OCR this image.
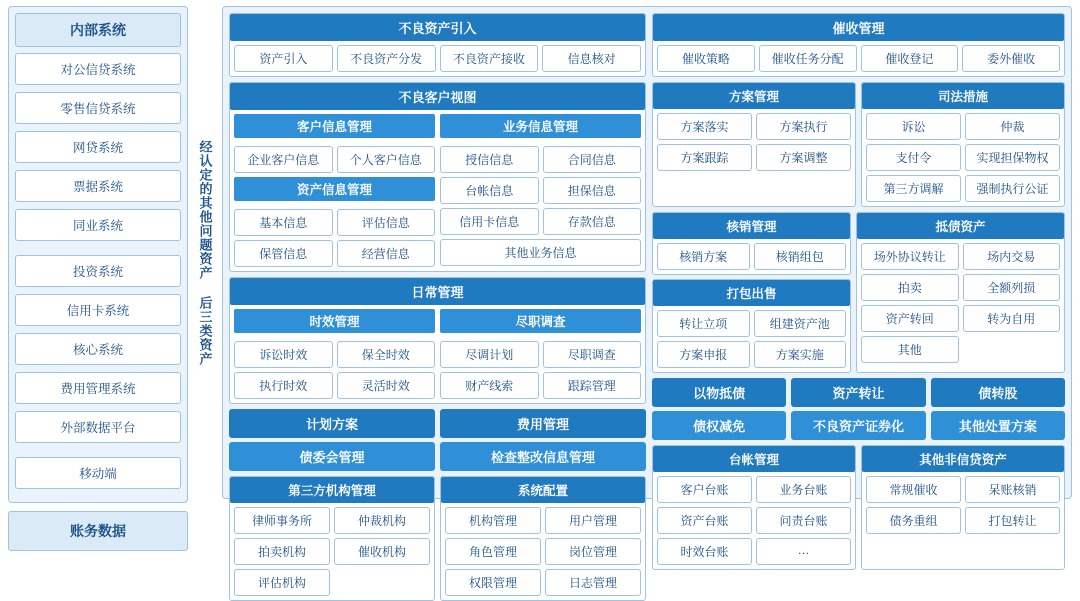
内部系统
对公信贷系统
零售信贷系统
网贷系统
票据系统
同业系统
投资系统
信用卡系统
核心系统
费用管理系统
外部数据平台
移动端
账务数据
经认定的其他问题资产 后三类资产
不良资产引入
资产引入	不良资产分发	不良资产接收	信息核对
不良客户视图
客户信息管理
企业客户信息	个人客户信息
资产信息管理
基本信息	评估信息
保管信息	经营信息
业务信息管理
授信信息	合同信息
台帐信息	担保信息
信用卡信息	存款信息
其他业务信息
日常管理
时效管理
诉讼时效	保全时效
执行时效	灵活时效
尽职调查
尽调计划	尽职调查
财产线索	跟踪管理
计划方案
债委会管理
费用管理
检查整改信息管理
第三方机构管理
律师事务所	仲裁机构
拍卖机构	催收机构
评估机构
系统配置
机构管理	用户管理
角色管理	岗位管理
权限管理	日志管理
催收管理
催收策略	催收任务分配	催收登记	委外催收
方案管理
方案落实	方案执行
方案跟踪	方案调整
司法措施
诉讼	仲裁
支付令	实现担保物权
第三方调解	强制执行公证
核销管理
核销方案	核销组包
打包出售
转让立项	组建资产池
方案申报	方案实施
抵债资产
场外协议转让	场内交易
拍卖	全额列损
资产转回	转为自用
其他
以物抵债	资产转让	债转股
债权减免	不良资产证券化	其他处置方案
台帐管理
客户台账	业务台账
资产台账	问责台账
时效台账	…
其他非信贷资产
常规催收	呆账核销
债务重组	打包转让
